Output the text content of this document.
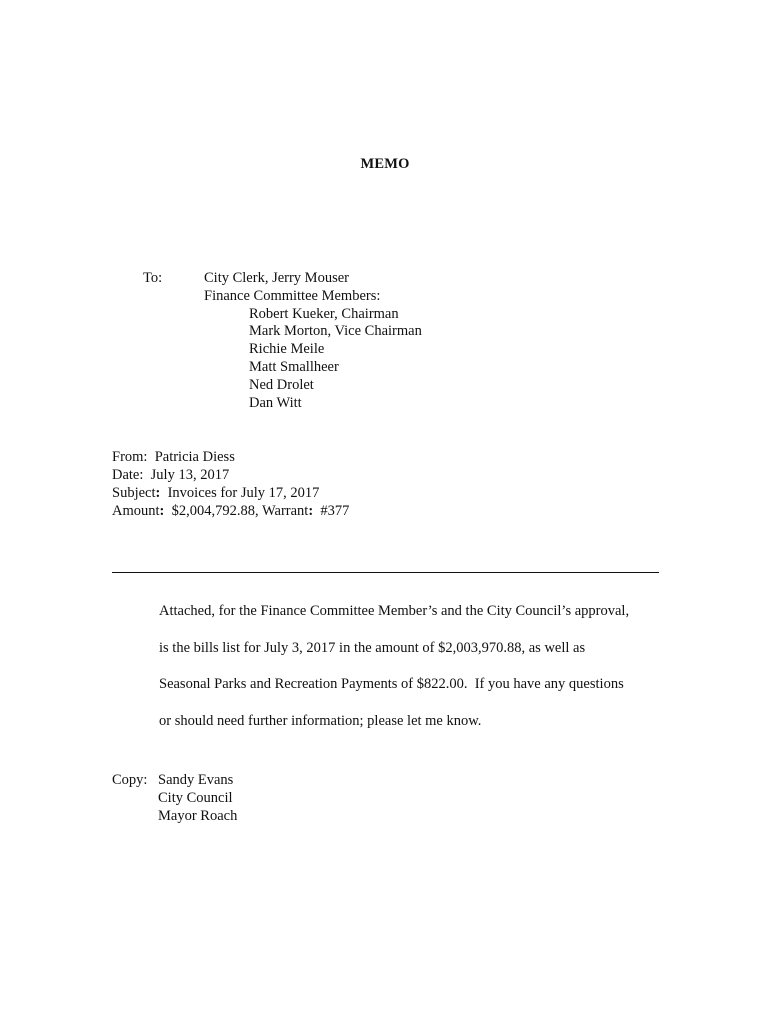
MEMO
To:	City Clerk, Jerry Mouser
Finance Committee Members:
Robert Kueker, Chairman
Mark Morton, Vice Chairman
Richie Meile
Matt Smallheer
Ned Drolet
Dan Witt
From: Patricia Diess
Date: July 13, 2017
Subject: Invoices for July 17, 2017
Amount: $2,004,792.88, Warrant: #377
Attached, for the Finance Committee Member’s and the City Council’s approval,
is the bills list for July 3, 2017 in the amount of $2,003,970.88, as well as
Seasonal Parks and Recreation Payments of $822.00.  If you have any questions
or should need further information; please let me know.
Copy: Sandy Evans
City Council
Mayor Roach
